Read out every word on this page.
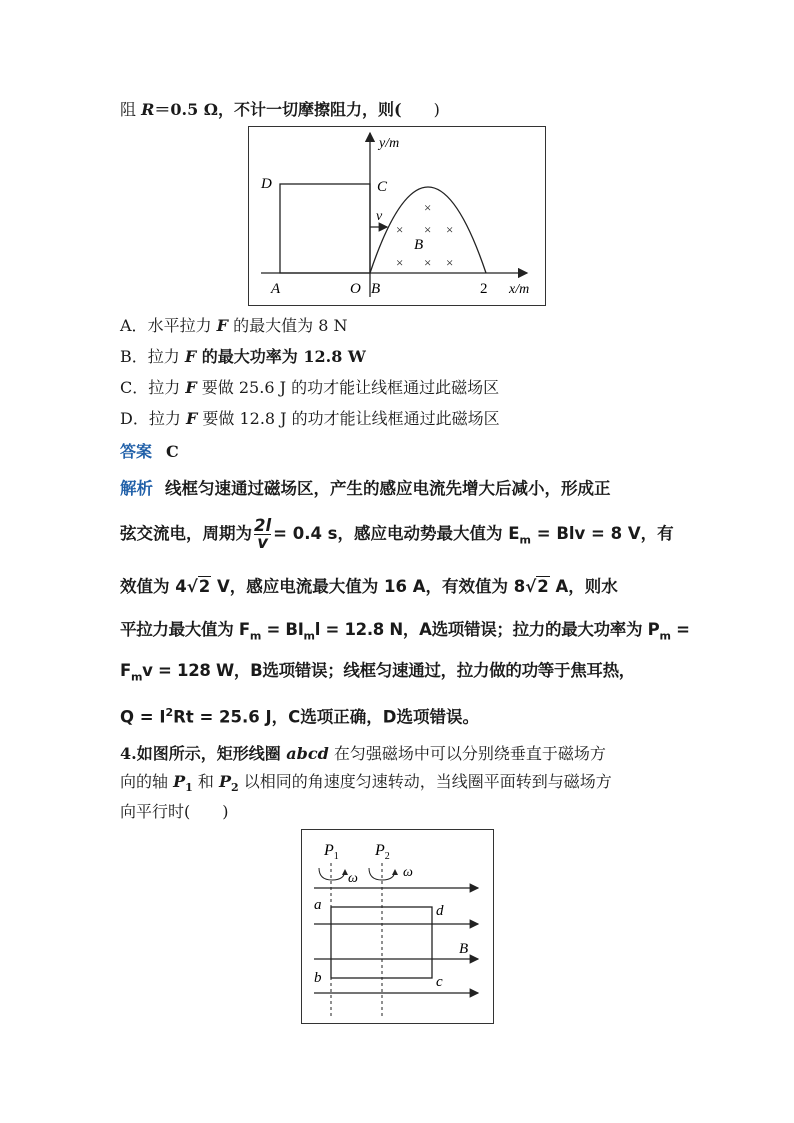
阻 R＝0.5 Ω，不计一切摩擦阻力，则( )
×
× × ×
× × ×
y/m
D	C
v
B
A	O B	2 x/m
A．水平拉力 F 的最大值为 8 N
B．拉力 F 的最大功率为 12.8 W
C．拉力 F 要做 25.6 J 的功才能让线框通过此磁场区
D．拉力 F 要做 12.8 J 的功才能让线框通过此磁场区
答案 C
解析 线框匀速通过磁场区，产生的感应电流先增大后减小，形成正
弦交流电，周期为 $\frac{2l}{v} = 0.4$ s，感应电动势最大值为 $E_m$ = Blv = 8 V，有
效值为 4√2 V，感应电流最大值为 16 A，有效值为 8√2 A，则水
平拉力最大值为 $F_m = BI_ml = 12.8$ N，A选项错误；拉力的最大功率为 $P_m$ =
$F_mv = 128$ W，B选项错误；线框匀速通过，拉力做的功等于焦耳热，
$Q = I^2Rt = 25.6$ J，C选项正确，D选项错误。
4.如图所示，矩形线圈 abcd 在匀强磁场中可以分别绕垂直于磁场方
向的轴 $P_1$ 和 $P_2$ 以相同的角速度匀速转动，当线圈平面转到与磁场方
向平行时(　　)
$P_1$ $P_2$
ω	ω
a	d
B
b	c
